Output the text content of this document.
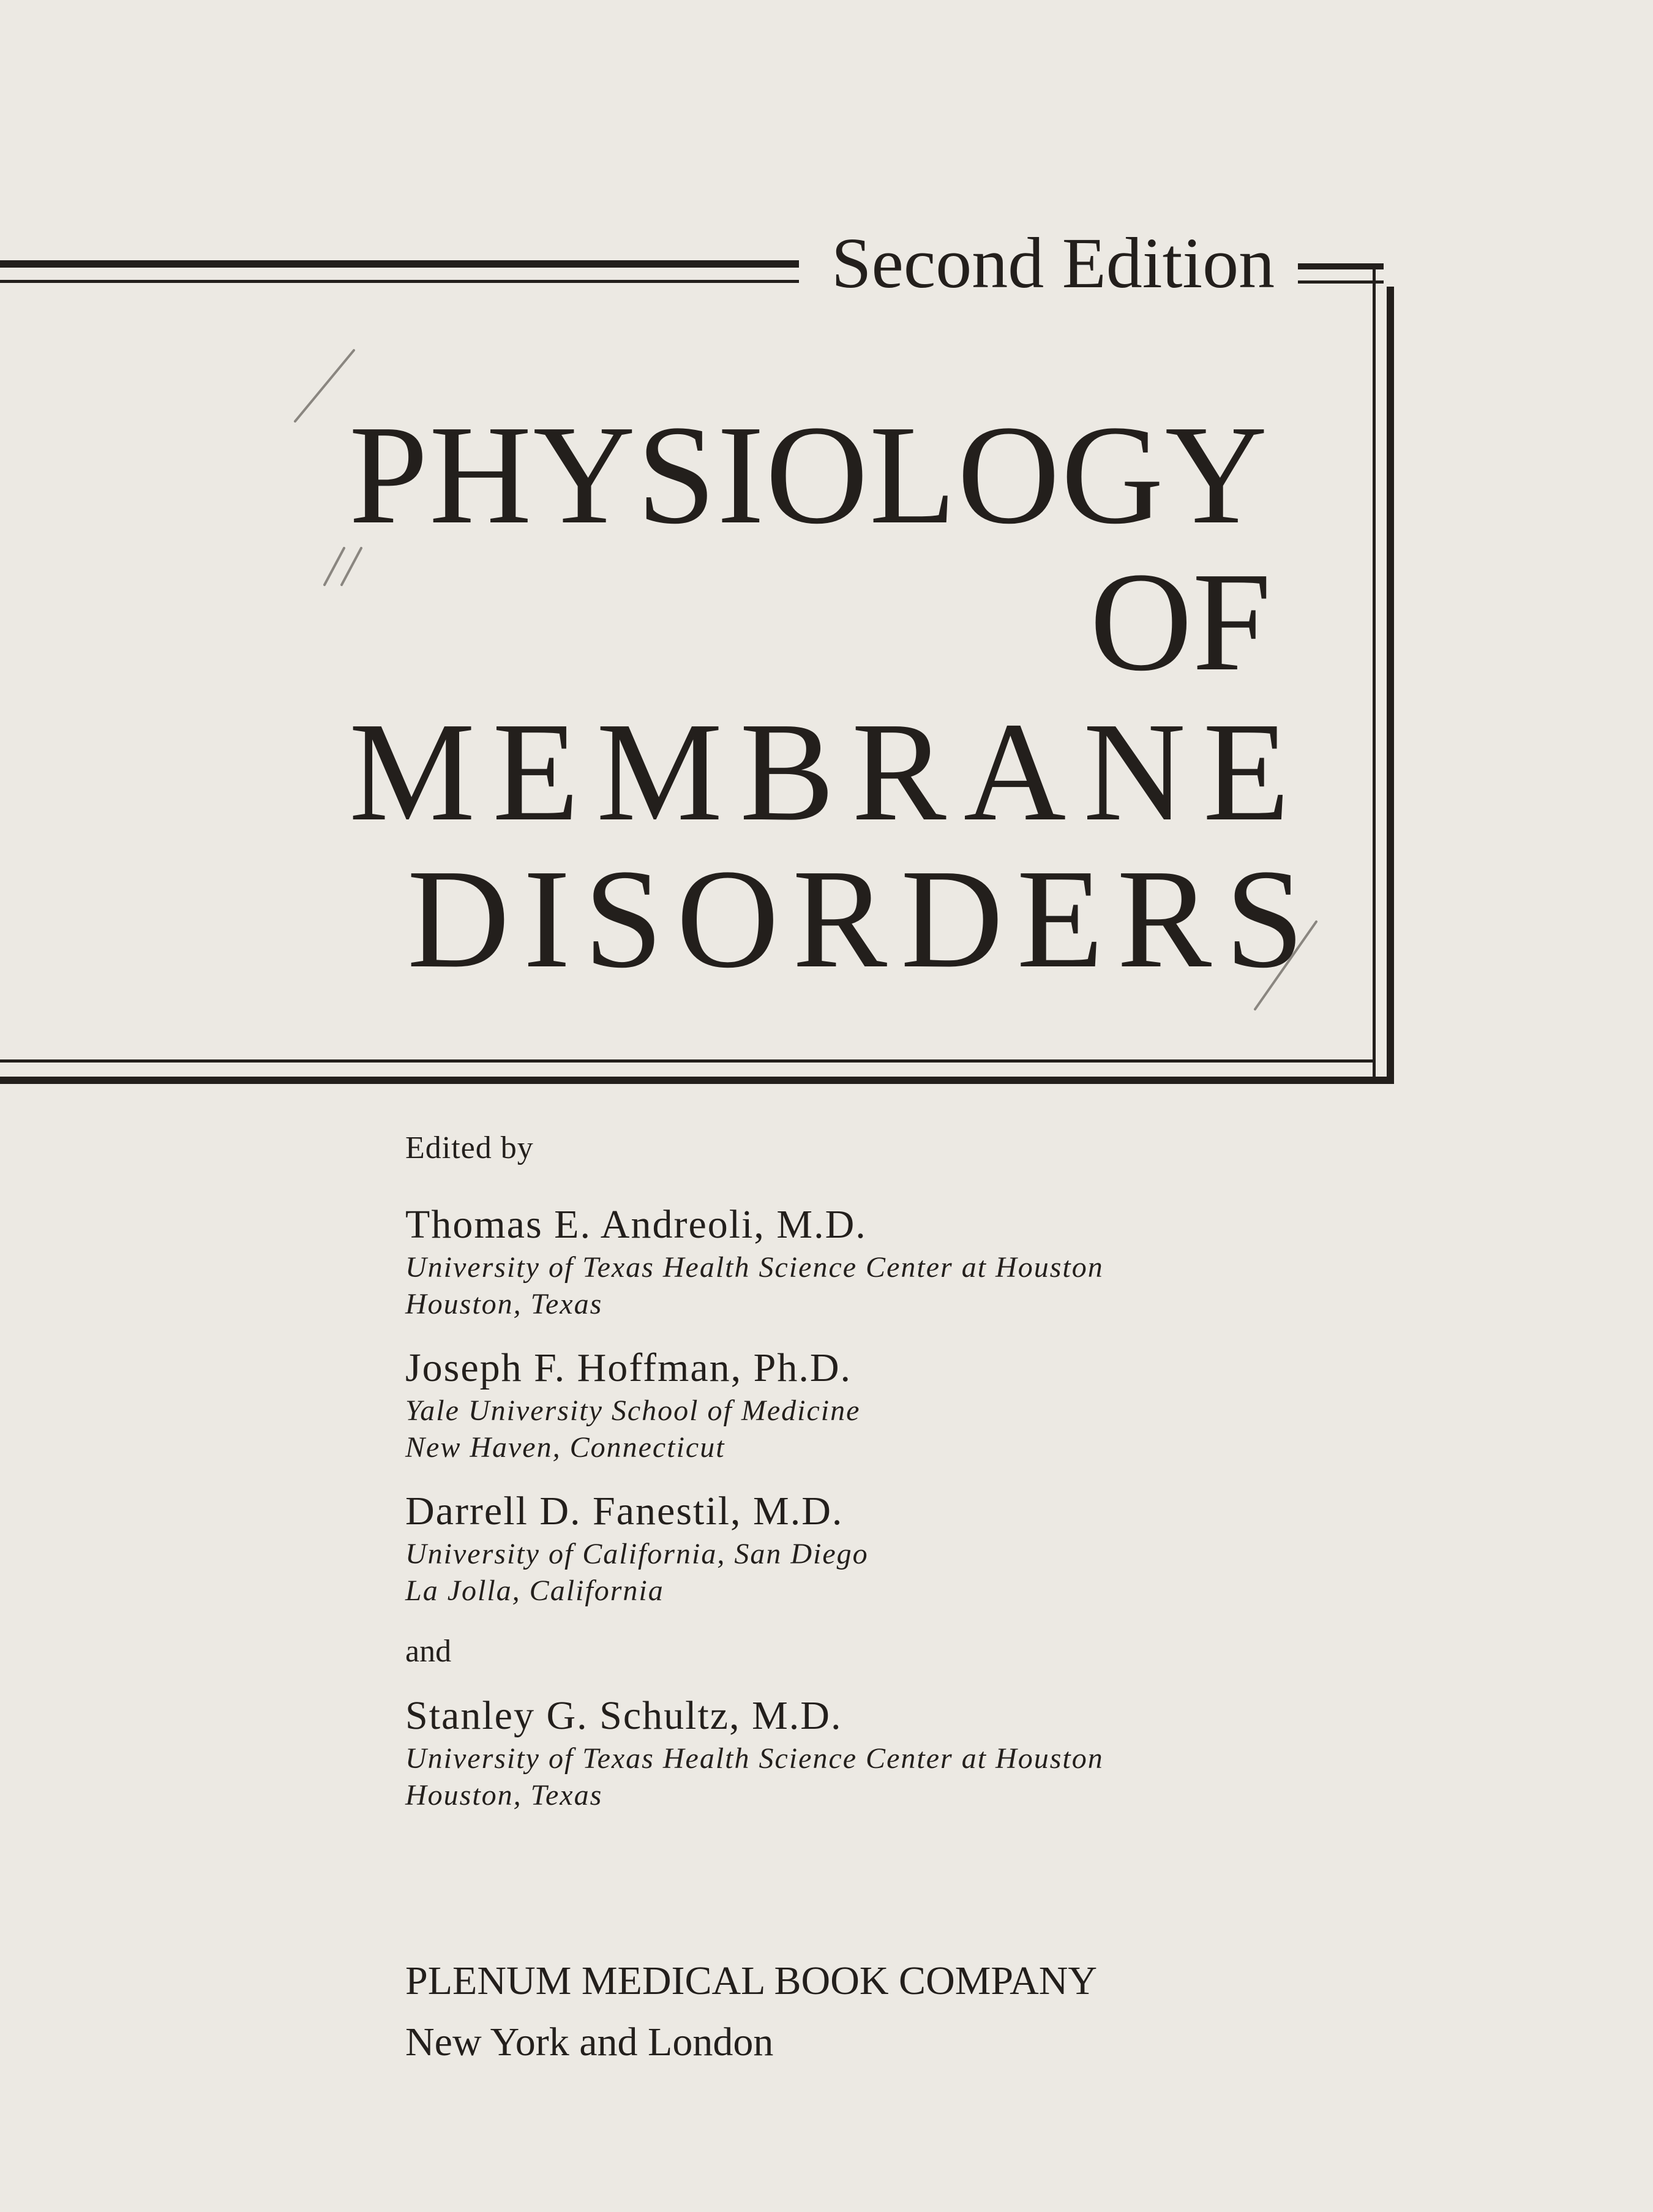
Second Edition
PHYSIOLOGY
OF
MEMBRANE
DISORDERS
Edited by
Thomas E. Andreoli, M.D.
University of Texas Health Science Center at Houston
Houston, Texas
Joseph F. Hoffman, Ph.D.
Yale University School of Medicine
New Haven, Connecticut
Darrell D. Fanestil, M.D.
University of California, San Diego
La Jolla, California
and
Stanley G. Schultz, M.D.
University of Texas Health Science Center at Houston
Houston, Texas
PLENUM MEDICAL BOOK COMPANY
New York and London
